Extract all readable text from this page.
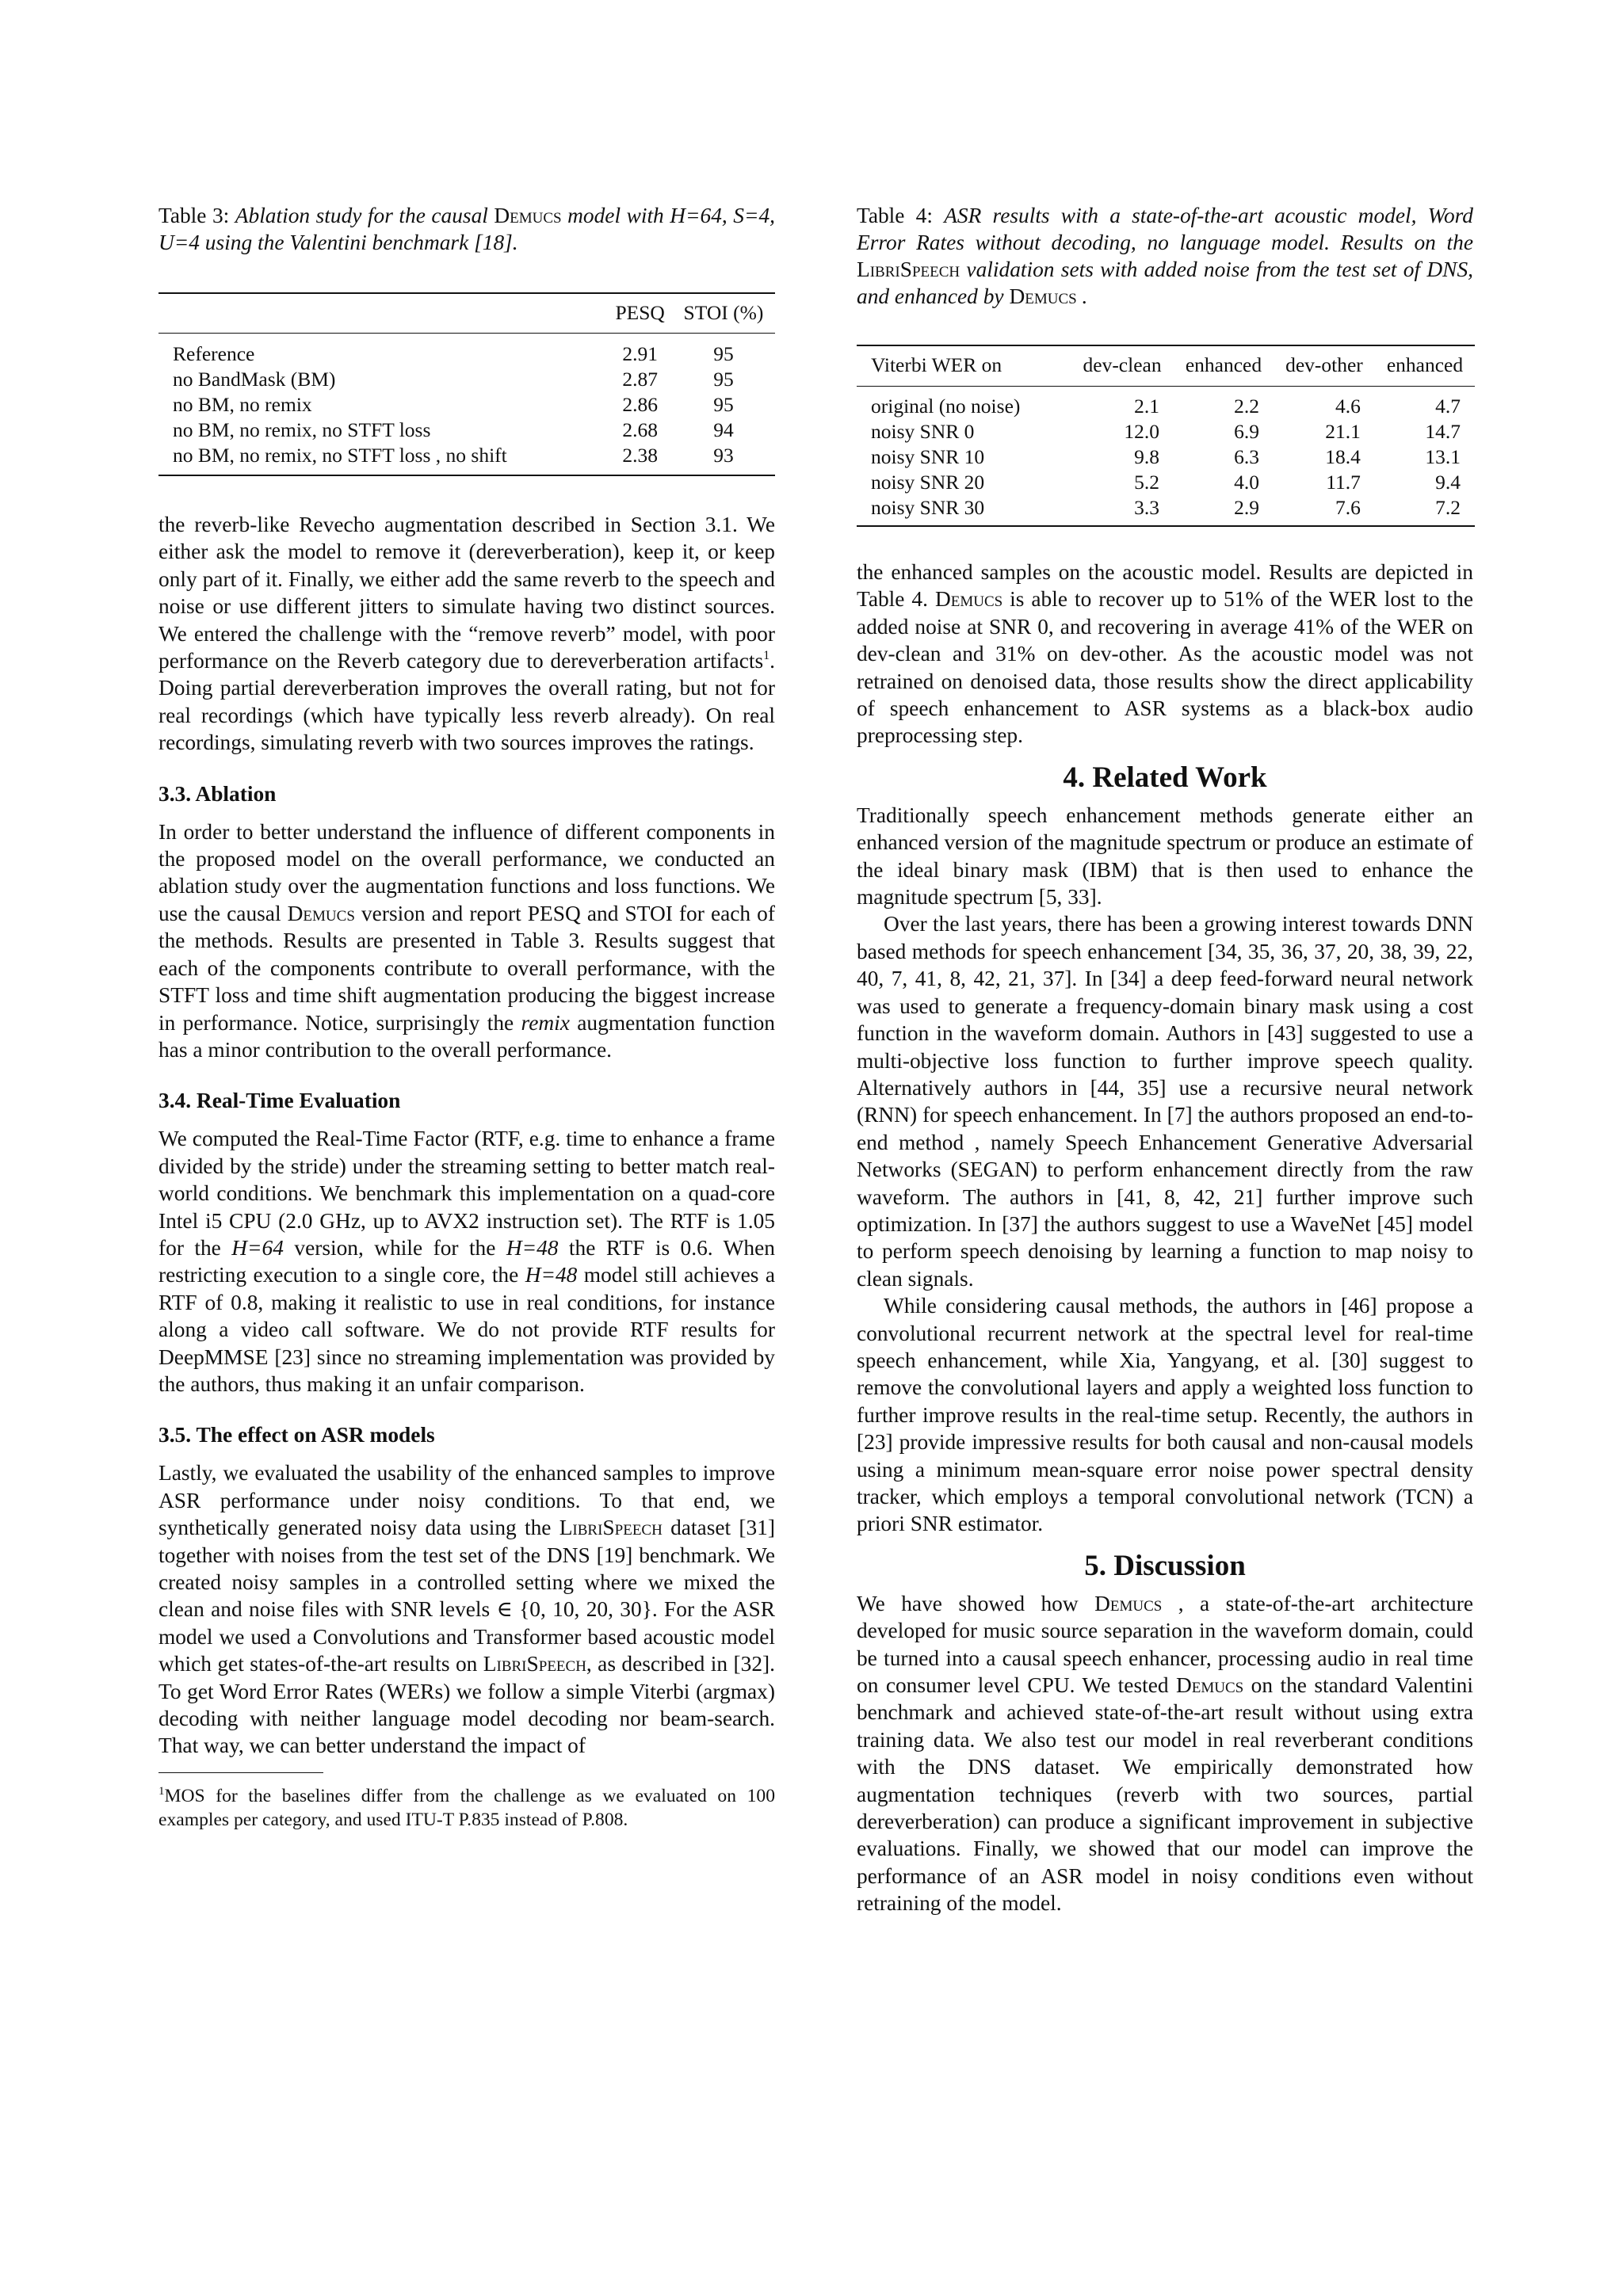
Table 3: Ablation study for the causal Demucs model with H=64, S=4, U=4 using the Valentini benchmark [18].

	PESQ	STOI (%)
Reference	2.91	95
no BandMask (BM)	2.87	95
no BM, no remix	2.86	95
no BM, no remix, no STFT loss	2.68	94
no BM, no remix, no STFT loss , no shift	2.38	93

the reverb-like Revecho augmentation described in Section 3.1. We either ask the model to remove it (dereverberation), keep it, or keep only part of it. Finally, we either add the same reverb to the speech and noise or use different jitters to simulate having two distinct sources. We entered the challenge with the “remove reverb” model, with poor performance on the Reverb category due to dereverberation artifacts$^1$. Doing partial dereverberation improves the overall rating, but not for real recordings (which have typically less reverb already). On real recordings, simulating reverb with two sources improves the ratings.

3.3. Ablation

In order to better understand the influence of different components in the proposed model on the overall performance, we conducted an ablation study over the augmentation functions and loss functions. We use the causal Demucs version and report PESQ and STOI for each of the methods. Results are presented in Table 3. Results suggest that each of the components contribute to overall performance, with the STFT loss and time shift augmentation producing the biggest increase in performance. Notice, surprisingly the remix augmentation function has a minor contribution to the overall performance.

3.4. Real-Time Evaluation

We computed the Real-Time Factor (RTF, e.g. time to enhance a frame divided by the stride) under the streaming setting to better match real-world conditions. We benchmark this implementation on a quad-core Intel i5 CPU (2.0 GHz, up to AVX2 instruction set). The RTF is 1.05 for the H=64 version, while for the H=48 the RTF is 0.6. When restricting execution to a single core, the H=48 model still achieves a RTF of 0.8, making it realistic to use in real conditions, for instance along a video call software. We do not provide RTF results for DeepMMSE [23] since no streaming implementation was provided by the authors, thus making it an unfair comparison.

3.5. The effect on ASR models

Lastly, we evaluated the usability of the enhanced samples to improve ASR performance under noisy conditions. To that end, we synthetically generated noisy data using the LibriSpeech dataset [31] together with noises from the test set of the DNS [19] benchmark. We created noisy samples in a controlled setting where we mixed the clean and noise files with SNR levels ∈ {0, 10, 20, 30}. For the ASR model we used a Convolutions and Transformer based acoustic model which get states-of-the-art results on LibriSpeech, as described in [32]. To get Word Error Rates (WERs) we follow a simple Viterbi (argmax) decoding with neither language model decoding nor beam-search. That way, we can better understand the impact of

$^1$MOS for the baselines differ from the challenge as we evaluated on 100 examples per category, and used ITU-T P.835 instead of P.808.

Table 4: ASR results with a state-of-the-art acoustic model, Word Error Rates without decoding, no language model. Results on the LibriSpeech validation sets with added noise from the test set of DNS, and enhanced by Demucs .

Viterbi WER on	dev-clean	enhanced	dev-other	enhanced
original (no noise)	2.1	2.2	4.6	4.7
noisy SNR 0	12.0	6.9	21.1	14.7
noisy SNR 10	9.8	6.3	18.4	13.1
noisy SNR 20	5.2	4.0	11.7	9.4
noisy SNR 30	3.3	2.9	7.6	7.2

the enhanced samples on the acoustic model. Results are depicted in Table 4. Demucs is able to recover up to 51% of the WER lost to the added noise at SNR 0, and recovering in average 41% of the WER on dev-clean and 31% on dev-other. As the acoustic model was not retrained on denoised data, those results show the direct applicability of speech enhancement to ASR systems as a black-box audio preprocessing step.

4. Related Work

Traditionally speech enhancement methods generate either an enhanced version of the magnitude spectrum or produce an estimate of the ideal binary mask (IBM) that is then used to enhance the magnitude spectrum [5, 33].

Over the last years, there has been a growing interest towards DNN based methods for speech enhancement [34, 35, 36, 37, 20, 38, 39, 22, 40, 7, 41, 8, 42, 21, 37]. In [34] a deep feed-forward neural network was used to generate a frequency-domain binary mask using a cost function in the waveform domain. Authors in [43] suggested to use a multi-objective loss function to further improve speech quality. Alternatively authors in [44, 35] use a recursive neural network (RNN) for speech enhancement. In [7] the authors proposed an end-to-end method , namely Speech Enhancement Generative Adversarial Networks (SEGAN) to perform enhancement directly from the raw waveform. The authors in [41, 8, 42, 21] further improve such optimization. In [37] the authors suggest to use a WaveNet [45] model to perform speech denoising by learning a function to map noisy to clean signals.

While considering causal methods, the authors in [46] propose a convolutional recurrent network at the spectral level for real-time speech enhancement, while Xia, Yangyang, et al. [30] suggest to remove the convolutional layers and apply a weighted loss function to further improve results in the real-time setup. Recently, the authors in [23] provide impressive results for both causal and non-causal models using a minimum mean-square error noise power spectral density tracker, which employs a temporal convolutional network (TCN) a priori SNR estimator.

5. Discussion

We have showed how Demucs , a state-of-the-art architecture developed for music source separation in the waveform domain, could be turned into a causal speech enhancer, processing audio in real time on consumer level CPU. We tested Demucs on the standard Valentini benchmark and achieved state-of-the-art result without using extra training data. We also test our model in real reverberant conditions with the DNS dataset. We empirically demonstrated how augmentation techniques (reverb with two sources, partial dereverberation) can produce a significant improvement in subjective evaluations. Finally, we showed that our model can improve the performance of an ASR model in noisy conditions even without retraining of the model.
